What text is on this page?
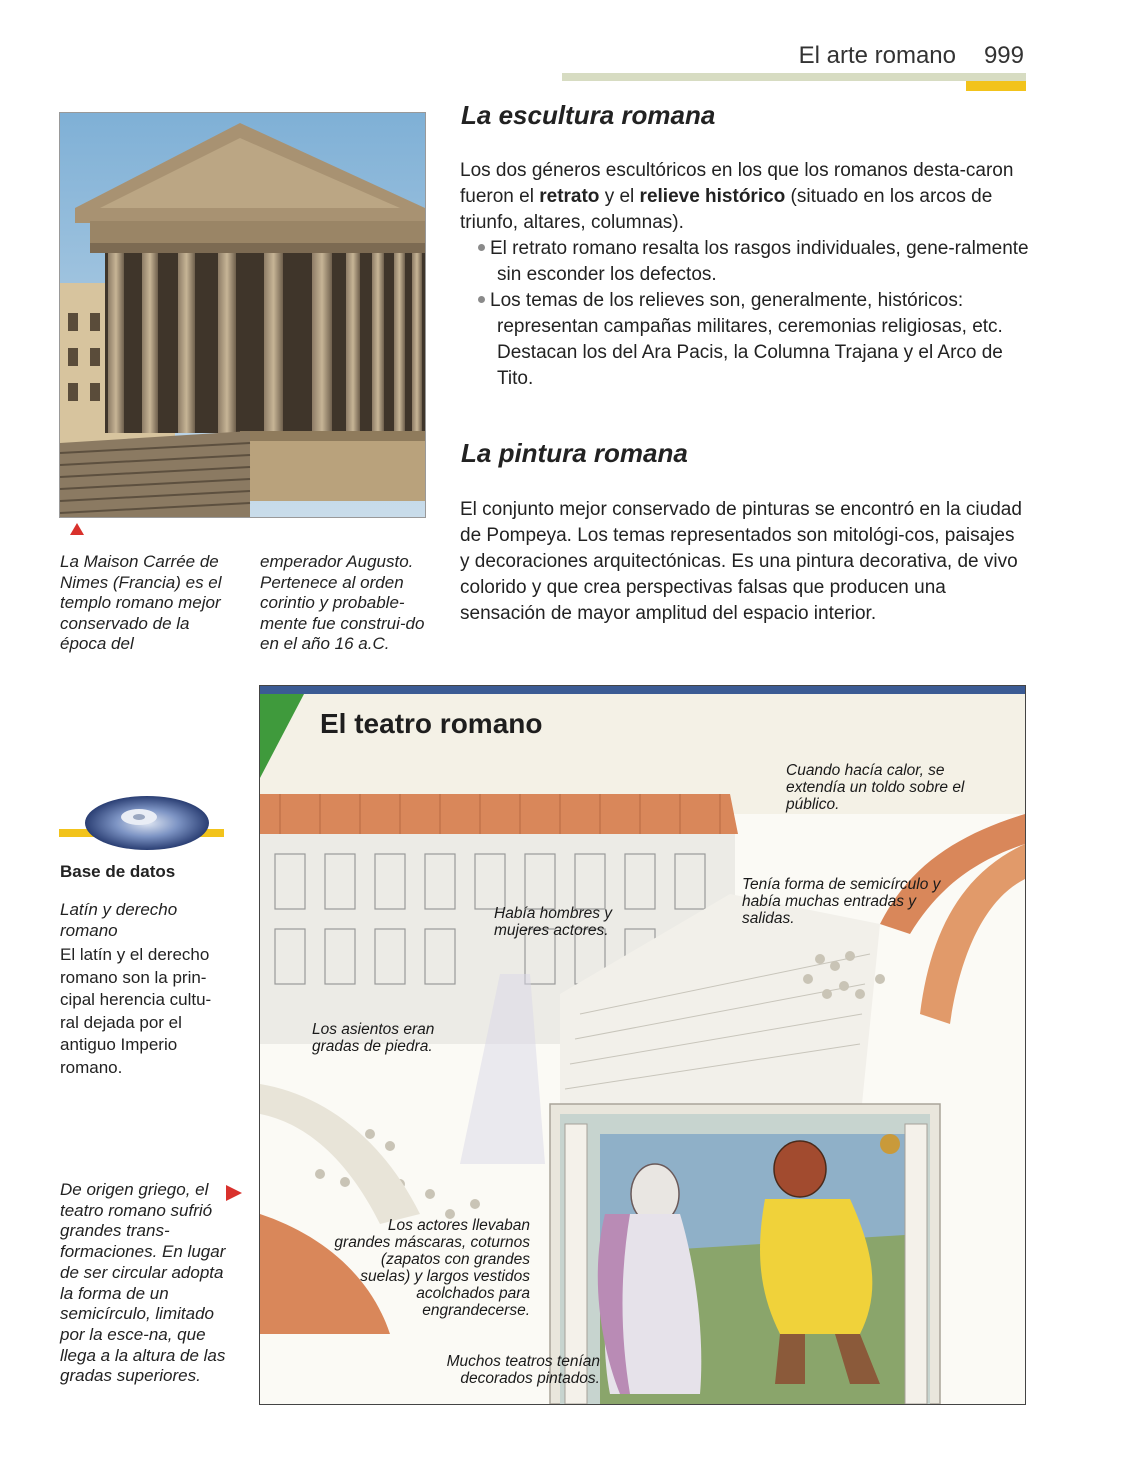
El arte romano 999
La Maison Carrée de Nimes (Francia) es el templo romano mejor conservado de la época del
emperador Augusto. Pertenece al orden corintio y probable-mente fue construi-do en el año 16 a.C.
La escultura romana
Los dos géneros escultóricos en los que los romanos desta-caron fueron el retrato y el relieve histórico (situado en los arcos de triunfo, altares, columnas).
El retrato romano resalta los rasgos individuales, gene-ralmente sin esconder los defectos.
Los temas de los relieves son, generalmente, históricos: representan campañas militares, ceremonias religiosas, etc. Destacan los del Ara Pacis, la Columna Trajana y el Arco de Tito.
La pintura romana
El conjunto mejor conservado de pinturas se encontró en la ciudad de Pompeya. Los temas representados son mitológi-cos, paisajes y decoraciones arquitectónicas. Es una pintura decorativa, de vivo colorido y que crea perspectivas falsas que producen una sensación de mayor amplitud del espacio interior.
Base de datos
Latín y derecho romano
El latín y el derecho romano son la prin-cipal herencia cultu-ral dejada por el antiguo Imperio romano.
De origen griego, el teatro romano sufrió grandes trans-formaciones. En lugar de ser circular adopta la forma de un semicírculo, limitado por la esce-na, que llega a la altura de las gradas superiores.
El teatro romano
Cuando hacía calor, se extendía un toldo sobre el público.
Tenía forma de semicírculo y había muchas entradas y salidas.
Había hombres y mujeres actores.
Los asientos eran gradas de piedra.
Los actores llevaban grandes máscaras, coturnos (zapatos con grandes suelas) y largos vestidos acolchados para engrandecerse.
Muchos teatros tenían decorados pintados.
